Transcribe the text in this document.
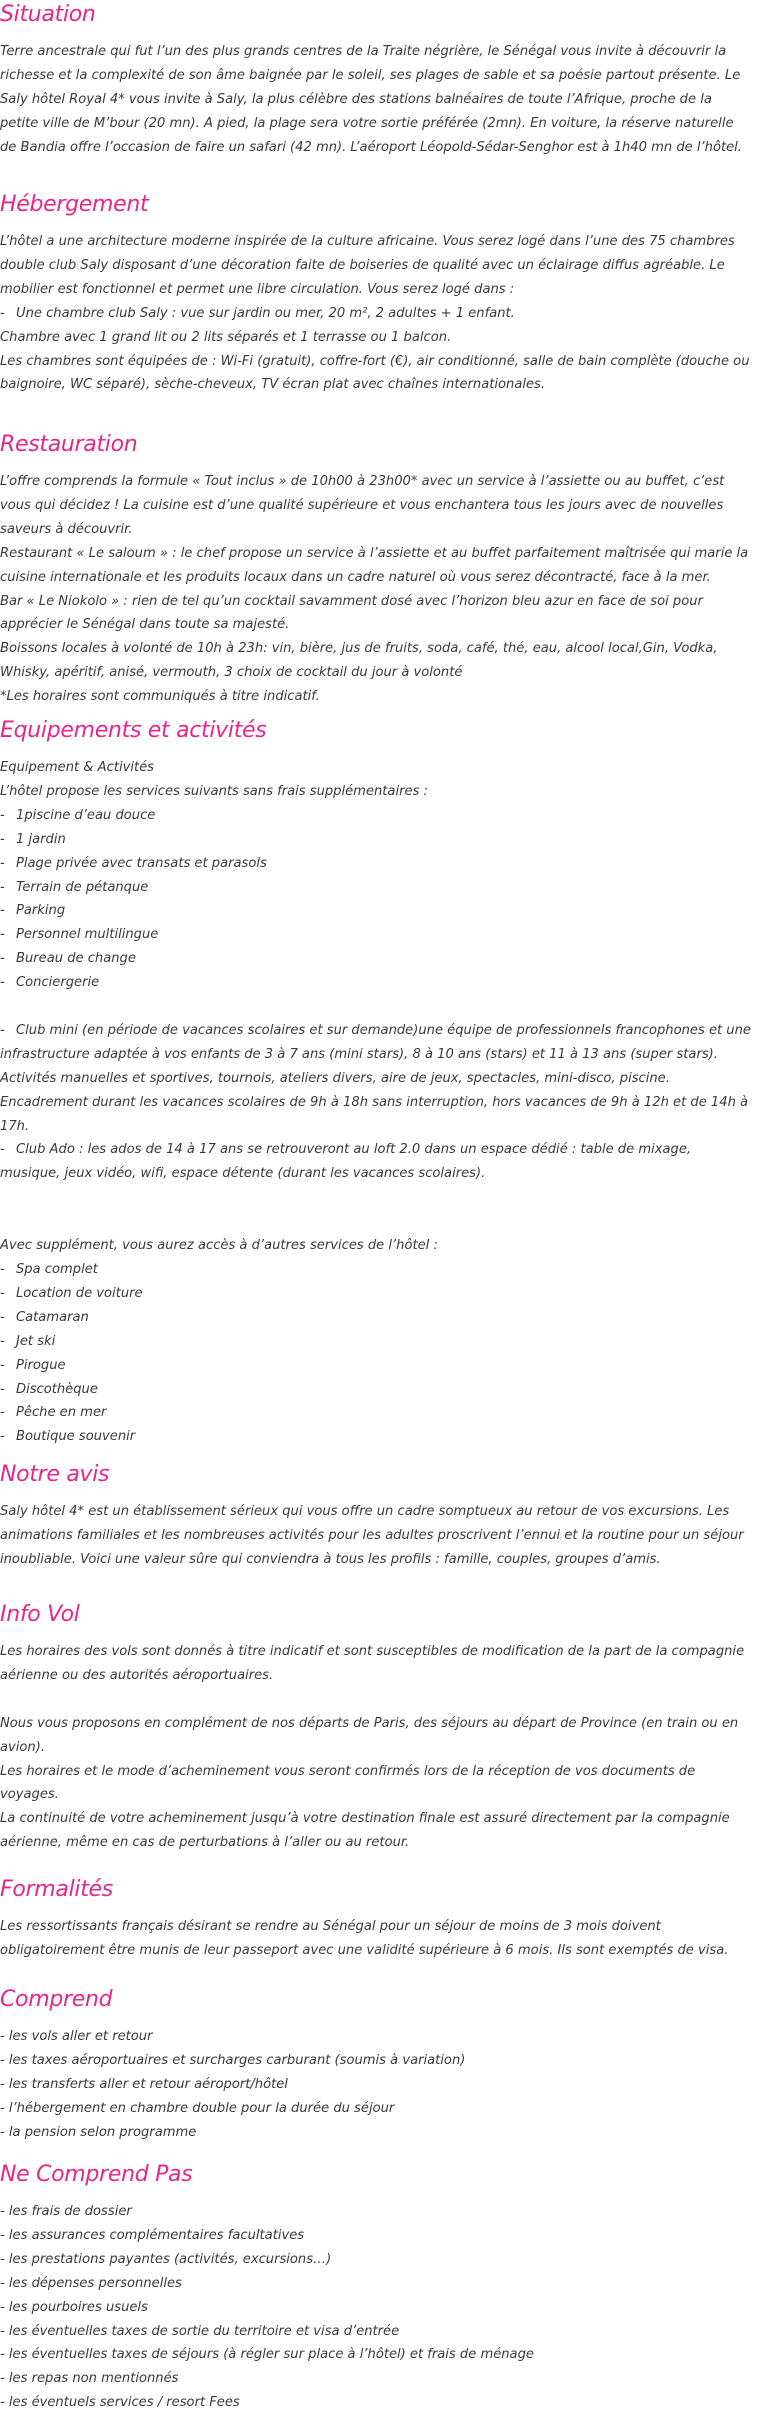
Situation
Terre ancestrale qui fut l’un des plus grands centres de la Traite négrière, le Sénégal vous invite à découvrir la richesse et la complexité de son âme baignée par le soleil, ses plages de sable et sa poésie partout présente. Le Saly hôtel Royal 4* vous invite à Saly, la plus célèbre des stations balnéaires de toute l’Afrique, proche de la petite ville de M’bour (20 mn). A pied, la plage sera votre sortie préférée (2mn). En voiture, la réserve naturelle de Bandia offre l’occasion de faire un safari (42 mn). L’aéroport Léopold-Sédar-Senghor est à 1h40 mn de l’hôtel.
Hébergement
L’hôtel a une architecture moderne inspirée de la culture africaine. Vous serez logé dans l’une des 75 chambres double club Saly disposant d’une décoration faite de boiseries de qualité avec un éclairage diffus agréable. Le mobilier est fonctionnel et permet une libre circulation. Vous serez logé dans :
- Une chambre club Saly : vue sur jardin ou mer, 20 m², 2 adultes + 1 enfant.
Chambre avec 1 grand lit ou 2 lits séparés et 1 terrasse ou 1 balcon.
Les chambres sont équipées de : Wi-Fi (gratuit), coffre-fort (€), air conditionné, salle de bain complète (douche ou baignoire, WC séparé), sèche-cheveux, TV écran plat avec chaînes internationales.
Restauration
L’offre comprends la formule « Tout inclus » de 10h00 à 23h00* avec un service à l’assiette ou au buffet, c’est vous qui décidez ! La cuisine est d’une qualité supérieure et vous enchantera tous les jours avec de nouvelles saveurs à découvrir.
Restaurant « Le saloum » : le chef propose un service à l’assiette et au buffet parfaitement maîtrisée qui marie la cuisine internationale et les produits locaux dans un cadre naturel où vous serez décontracté, face à la mer.
Bar « Le Niokolo » : rien de tel qu’un cocktail savamment dosé avec l’horizon bleu azur en face de soi pour apprécier le Sénégal dans toute sa majesté.
Boissons locales à volonté de 10h à 23h: vin, bière, jus de fruits, soda, café, thé, eau, alcool local,Gin, Vodka, Whisky, apéritif, anisé, vermouth, 3 choix de cocktail du jour à volonté
*Les horaires sont communiqués à titre indicatif.
Equipements et activités
Equipement & Activités
L’hôtel propose les services suivants sans frais supplémentaires :
- 1piscine d’eau douce
- 1 jardin
- Plage privée avec transats et parasols
- Terrain de pétanque
- Parking
- Personnel multilingue
- Bureau de change
- Conciergerie
- Club mini (en période de vacances scolaires et sur demande)une équipe de professionnels francophones et une infrastructure adaptée à vos enfants de 3 à 7 ans (mini stars), 8 à 10 ans (stars) et 11 à 13 ans (super stars). Activités manuelles et sportives, tournois, ateliers divers, aire de jeux, spectacles, mini-disco, piscine. Encadrement durant les vacances scolaires de 9h à 18h sans interruption, hors vacances de 9h à 12h et de 14h à 17h.
- Club Ado : les ados de 14 à 17 ans se retrouveront au loft 2.0 dans un espace dédié : table de mixage, musique, jeux vidéo, wifi, espace détente (durant les vacances scolaires).
Avec supplément, vous aurez accès à d’autres services de l’hôtel :
- Spa complet
- Location de voiture
- Catamaran
- Jet ski
- Pirogue
- Discothèque
- Pêche en mer
- Boutique souvenir
Notre avis
Saly hôtel 4* est un établissement sérieux qui vous offre un cadre somptueux au retour de vos excursions. Les animations familiales et les nombreuses activités pour les adultes proscrivent l’ennui et la routine pour un séjour inoubliable. Voici une valeur sûre qui conviendra à tous les profils : famille, couples, groupes d’amis.
Info Vol
Les horaires des vols sont donnés à titre indicatif et sont susceptibles de modification de la part de la compagnie aérienne ou des autorités aéroportuaires.
Nous vous proposons en complément de nos départs de Paris, des séjours au départ de Province (en train ou en avion).
Les horaires et le mode d’acheminement vous seront confirmés lors de la réception de vos documents de voyages.
La continuité de votre acheminement jusqu’à votre destination finale est assuré directement par la compagnie aérienne, même en cas de perturbations à l’aller ou au retour.
Formalités
Les ressortissants français désirant se rendre au Sénégal pour un séjour de moins de 3 mois doivent obligatoirement être munis de leur passeport avec une validité supérieure à 6 mois. Ils sont exemptés de visa.
Comprend
- les vols aller et retour
- les taxes aéroportuaires et surcharges carburant (soumis à variation)
- les transferts aller et retour aéroport/hôtel
- l’hébergement en chambre double pour la durée du séjour
- la pension selon programme
Ne Comprend Pas
- les frais de dossier
- les assurances complémentaires facultatives
- les prestations payantes (activités, excursions…)
- les dépenses personnelles
- les pourboires usuels
- les éventuelles taxes de sortie du territoire et visa d’entrée
- les éventuelles taxes de séjours (à régler sur place à l’hôtel) et frais de ménage
- les repas non mentionnés
- les éventuels services / resort Fees
